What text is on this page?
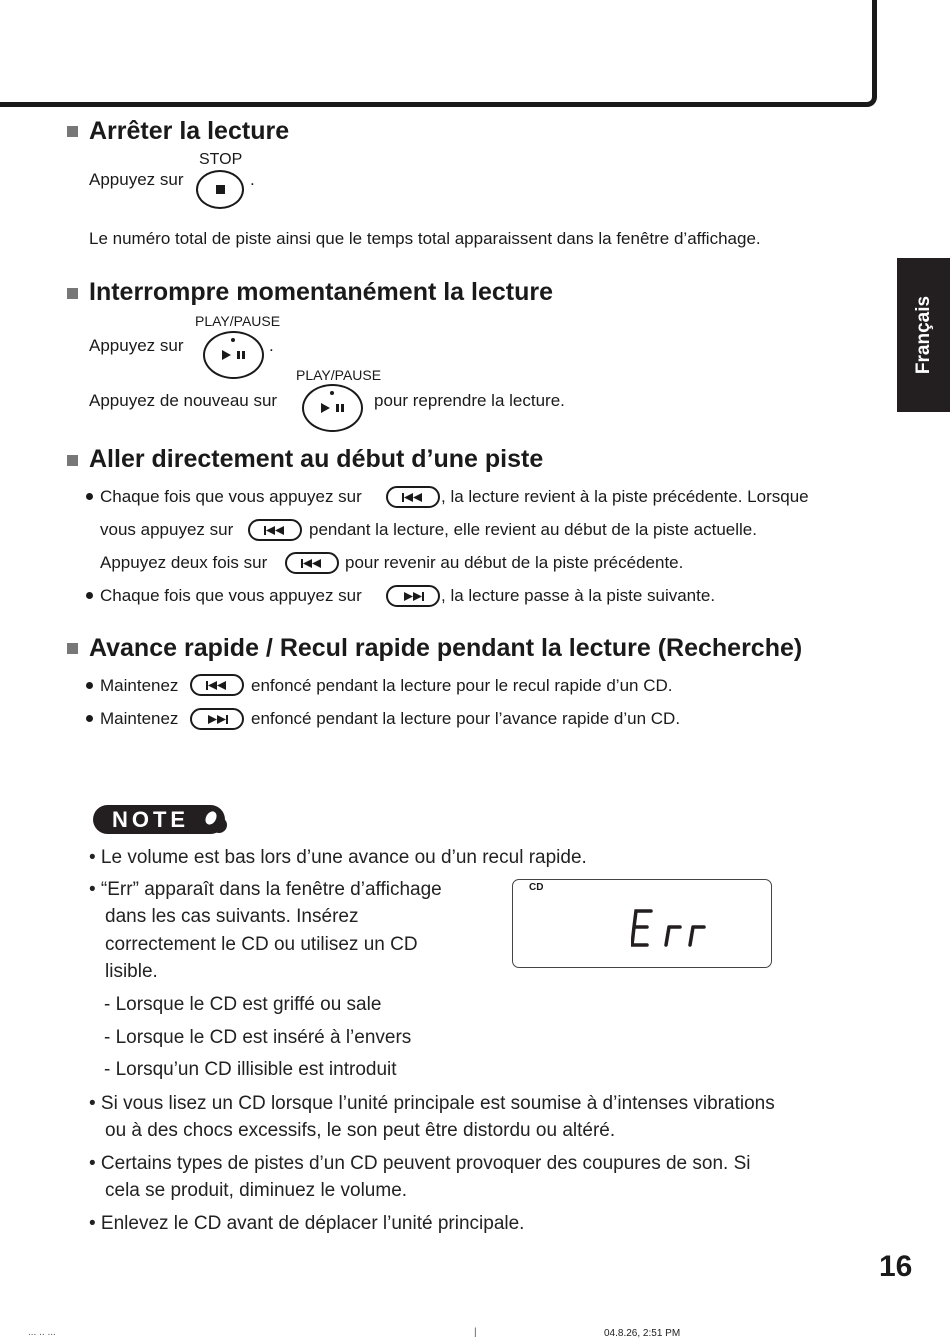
Arrêter la lecture
STOP
Appuyez sur	.
Le numéro total de piste ainsi que le temps total apparaissent dans la fenêtre d’affichage.
Interrompre momentanément la lecture
PLAY/PAUSE
Appuyez sur	.
PLAY/PAUSE
Appuyez de nouveau sur	pour reprendre la lecture.
Aller directement au début d’une piste
Chaque fois que vous appuyez sur	, la lecture revient à la piste précédente. Lorsque
vous appuyez sur	pendant la lecture, elle revient au début de la piste actuelle.
Appuyez deux fois sur	pour revenir au début de la piste précédente.
Chaque fois que vous appuyez sur	, la lecture passe à la piste suivante.
Avance rapide / Recul rapide pendant la lecture (Recherche)
Maintenez	enfoncé pendant la lecture pour le recul rapide d’un CD.
Maintenez	enfoncé pendant la lecture pour l’avance rapide d’un CD.
Français
NOTE
• Le volume est bas lors d’une avance ou d’un recul rapide.
• “Err” apparaît dans la fenêtre d’affichage
dans les cas suivants. Insérez
correctement le CD ou utilisez un CD
lisible.
- Lorsque le CD est griffé ou sale
- Lorsque le CD est inséré à l’envers
- Lorsqu’un CD illisible est introduit
• Si vous lisez un CD lorsque l’unité principale est soumise à d’intenses vibrations
ou à des chocs excessifs, le son peut être distordu ou altéré.
• Certains types de pistes d’un CD peuvent provoquer des coupures de son. Si
cela se produit, diminuez le volume.
• Enlevez le CD avant de déplacer l’unité principale.
CD
16
... .. ...	|	04.8.26, 2:51 PM
